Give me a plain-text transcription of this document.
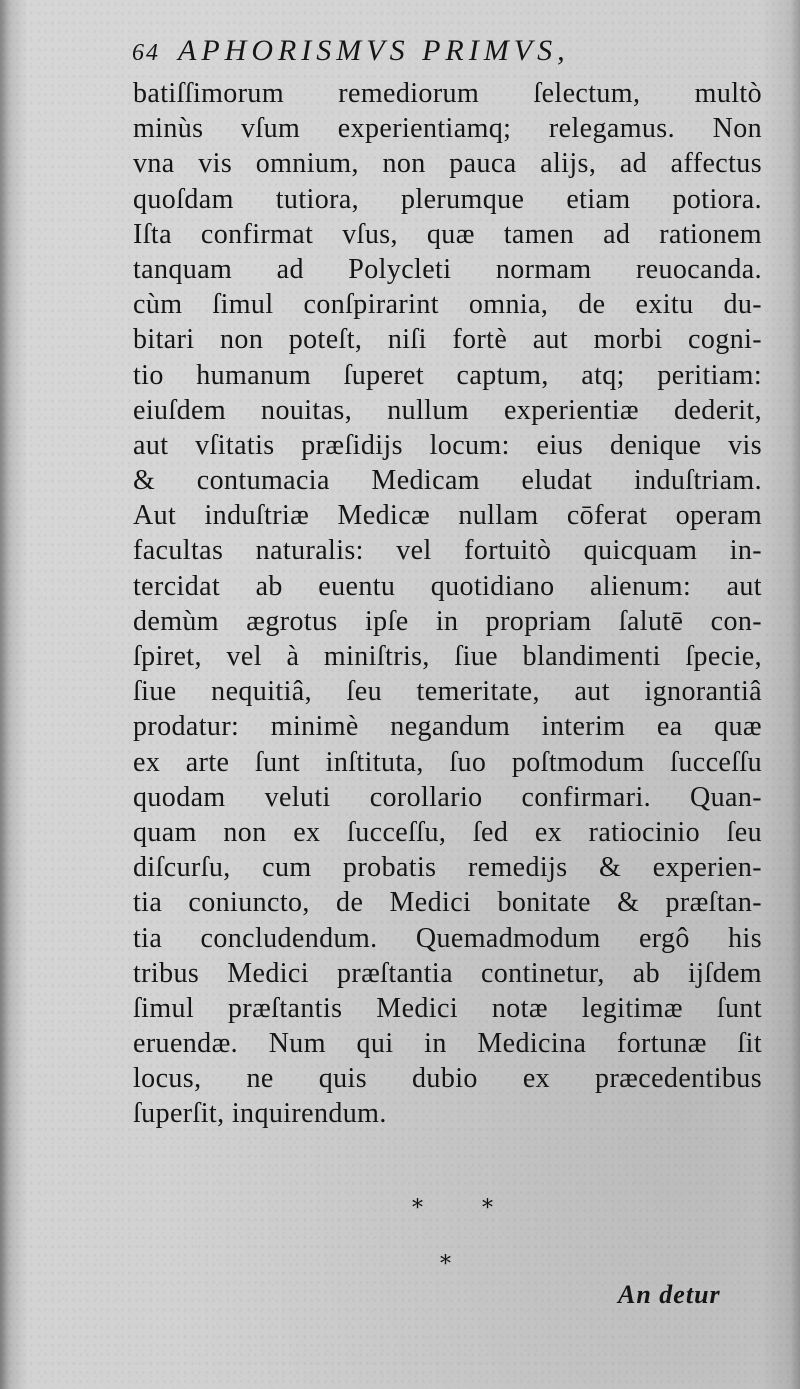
64 APHORISMVS PRIMVS,
batiſſimorum remediorum ſelectum, multò
minùs vſum experientiamq; relegamus. Non
vna vis omnium, non pauca alijs, ad affectus
quoſdam tutiora, plerumque etiam potiora.
Iſta confirmat vſus, quæ tamen ad rationem
tanquam ad Polycleti normam reuocanda.
cùm ſimul conſpirarint omnia, de exitu du-
bitari non poteſt, niſi fortè aut morbi cogni-
tio humanum ſuperet captum, atq; peritiam:
eiuſdem nouitas, nullum experientiæ dederit,
aut vſitatis præſidijs locum: eius denique vis
& contumacia Medicam eludat induſtriam.
Aut induſtriæ Medicæ nullam cōferat operam
facultas naturalis: vel fortuitò quicquam in-
tercidat ab euentu quotidiano alienum: aut
demùm ægrotus ipſe in propriam ſalutē con-
ſpiret, vel à miniſtris, ſiue blandimenti ſpecie,
ſiue nequitiâ, ſeu temeritate, aut ignorantiâ
prodatur: minimè negandum interim ea quæ
ex arte ſunt inſtituta, ſuo poſtmodum ſucceſſu
quodam veluti corollario confirmari. Quan-
quam non ex ſucceſſu, ſed ex ratiocinio ſeu
diſcurſu, cum probatis remedijs & experien-
tia coniuncto, de Medici bonitate & præſtan-
tia concludendum. Quemadmodum ergô his
tribus Medici præſtantia continetur, ab ijſdem
ſimul præſtantis Medici notæ legitimæ ſunt
eruendæ. Num qui in Medicina fortunæ ſit
locus, ne quis dubio ex præcedentibus
ſuperſit, inquirendum.
*	*
*
An detur
